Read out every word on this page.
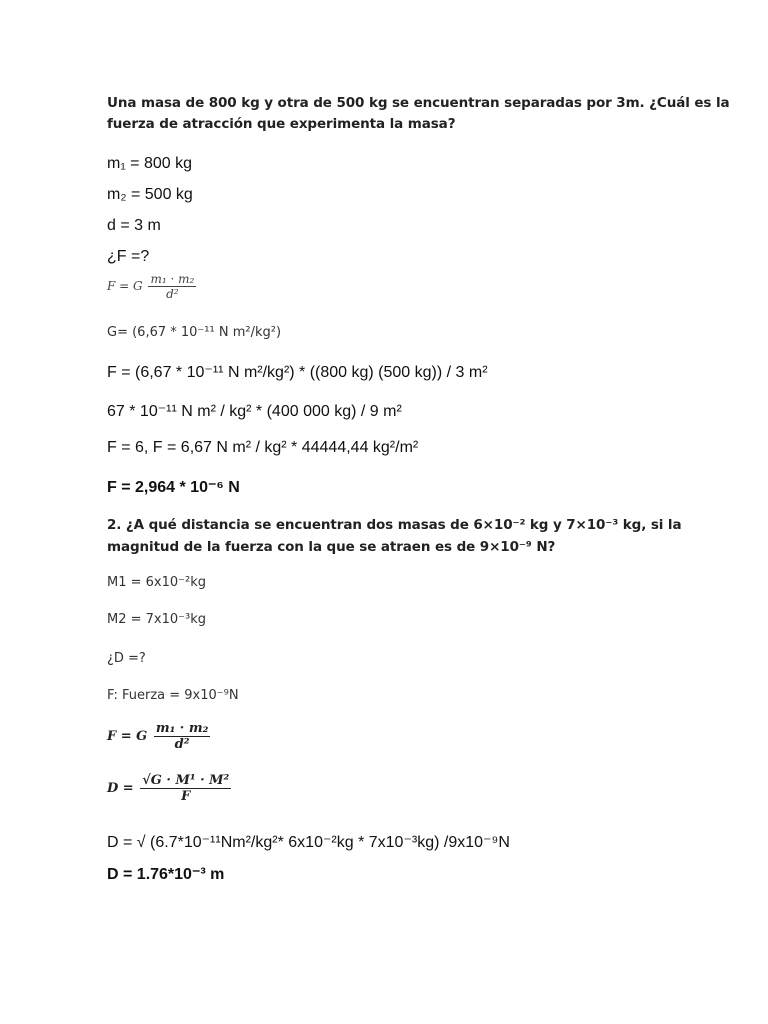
Una masa de 800 kg y otra de 500 kg se encuentran separadas por 3m. ¿Cuál es la
fuerza de atracción que experimenta la masa?
m₁ = 800 kg
m₂ = 500 kg
d = 3 m
¿F =?
F = G $\frac{\text{m₁ · m₂}}{\text{d²}}$
G= (6,67 * 10⁻¹¹ N m²/kg²)
F = (6,67 * 10⁻¹¹ N m²/kg²) * ((800 kg) (500 kg)) / 3 m²
67 * 10⁻¹¹ N m² / kg² * (400 000 kg) / 9 m²
F = 6, F = 6,67 N m² / kg² * 44444,44 kg²/m²
F = 2,964 * 10⁻⁶ N
2. ¿A qué distancia se encuentran dos masas de 6×10⁻² kg y 7×10⁻³ kg, si la
magnitud de la fuerza con la que se atraen es de 9×10⁻⁹ N?
M1 = 6x10⁻²kg
M2 = 7x10⁻³kg
¿D =?
F: Fuerza = 9x10⁻⁹N
F = G $\frac{\text{m₁ · m₂}}{\text{d²}}$
$D = \frac{\text{√G · M¹ · M²}}{F}$
D = √ (6.7*10⁻¹¹Nm²/kg²* 6x10⁻²kg * 7x10⁻³kg) /9x10⁻⁹N
D = 1.76*10⁻³ m
